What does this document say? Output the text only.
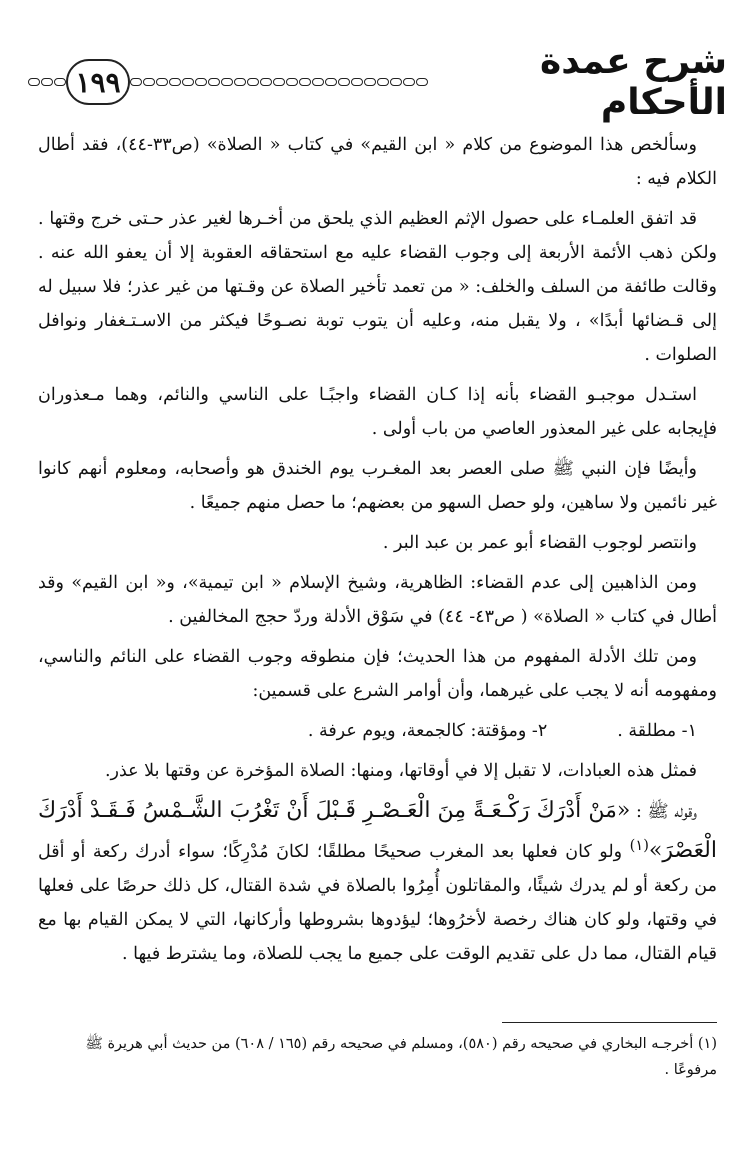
١٩٩	شرح عمدة الأحكام

وسألخص هذا الموضوع من كلام « ابن القيم» في كتاب « الصلاة» (ص٣٣-٤٤)، فقد أطال الكلام فيه :

قد اتفق العلمـاء على حصول الإثم العظيم الذي يلحق من أخـرها لغير عذر حـتى خرج وقتها . ولكن ذهب الأئمة الأربعة إلى وجوب القضاء عليه مع استحقاقه العقوبة إلا أن يعفو الله عنه . وقالت طائفة من السلف والخلف: « من تعمد تأخير الصلاة عن وقـتها من غير عذر؛ فلا سبيل له إلى قـضائها أبدًا» ، ولا يقبل منه، وعليه أن يتوب توبة نصـوحًا فيكثر من الاسـتـغفار ونوافل الصلوات .

استـدل موجبـو القضاء بأنه إذا كـان القضاء واجبًـا على الناسي والنائم، وهما مـعذوران فإيجابه على غير المعذور العاصي من باب أولى .

وأيضًا فإن النبي ﷺ صلى العصر بعد المغـرب يوم الخندق هو وأصحابه، ومعلوم أنهم كانوا غير نائمين ولا ساهين، ولو حصل السهو من بعضهم؛ ما حصل منهم جميعًا .

وانتصر لوجوب القضاء أبو عمر بن عبد البر .

ومن الذاهبين إلى عدم القضاء: الظاهرية، وشيخ الإسلام « ابن تيمية»، و« ابن القيم» وقد أطال في كتاب « الصلاة» ( ص٤٣- ٤٤) في سَوْق الأدلة وردّ حجج المخالفين .

ومن تلك الأدلة المفهوم من هذا الحديث؛ فإن منطوقه وجوب القضاء على النائم والناسي، ومفهومه أنه لا يجب على غيرهما، وأن أوامر الشرع على قسمين:

١- مطلقة .
٢- ومؤقتة: كالجمعة، ويوم عرفة .

فمثل هذه العبادات، لا تقبل إلا في أوقاتها، ومنها: الصلاة المؤخرة عن وقتها بلا عذر.

وقوله ﷺ : «مَنْ أَدْرَكَ رَكْـعَـةً مِنَ الْعَـصْـرِ قَـبْلَ أَنْ تَغْرُبَ الشَّـمْسُ فَـقَـدْ أَدْرَكَ الْعَصْرَ»$^{(١)}$ ولو كان فعلها بعد المغرب صحيحًا مطلقًا؛ لكانَ مُدْرِكًا؛ سواء أدرك ركعة أو أقل من ركعة أو لم يدرك شيئًا، والمقاتلون أُمِرُوا بالصلاة في شدة القتال، كل ذلك حرصًا على فعلها في وقتها، ولو كان هناك رخصة لأخرُوها؛ ليؤدوها بشروطها وأركانها، التي لا يمكن القيام بها مع قيام القتال، مما دل على تقديم الوقت على جميع ما يجب للصلاة، وما يشترط فيها .

(١) أخرجـه البخاري في صحيحه رقم (٥٨٠)، ومسلم في صحيحه رقم (١٦٥ / ٦٠٨) من حديث أبي هريرة ﷺ مرفوعًا .
